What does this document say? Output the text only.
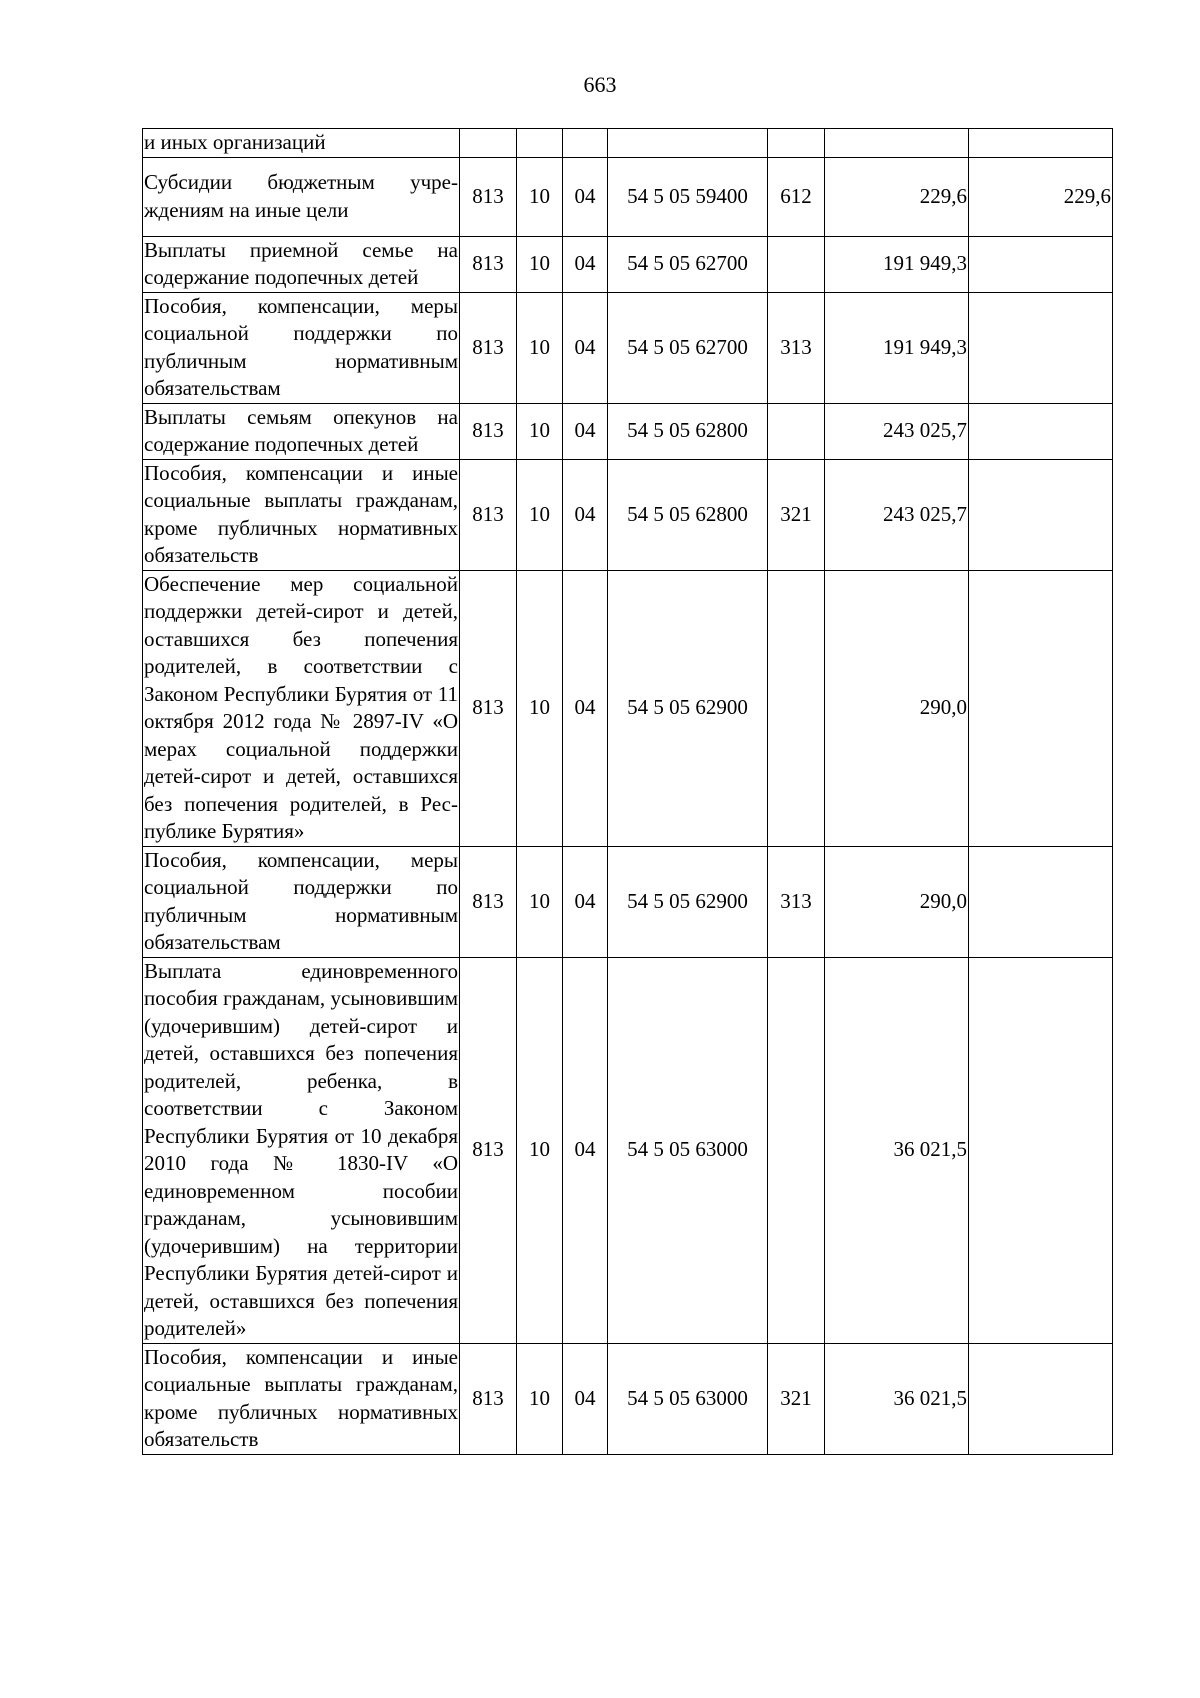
663
и иных организаций							
Субсидии бюджетным учреждениям на иные цели	813	10	04	54 5 05 59400	612	229,6	229,6
Выплаты приемной семье на содержание подопечных детей	813	10	04	54 5 05 62700		191 949,3	
Пособия, компенсации, меры социальной поддержки по публичным нормативным обязательствам	813	10	04	54 5 05 62700	313	191 949,3	
Выплаты семьям опекунов на содержание подопечных детей	813	10	04	54 5 05 62800		243 025,7	
Пособия, компенсации и иные социальные выплаты гражданам, кроме публичных нормативных обязательств	813	10	04	54 5 05 62800	321	243 025,7	
Обеспечение мер социальной поддержки детей-сирот и детей, оставшихся без попечения родителей, в соответствии с Законом Республики Бурятия от 11 октября 2012 года № 2897-IV «О мерах социальной поддержки детей-сирот и детей, оставшихся без попечения родителей, в Республике Бурятия»	813	10	04	54 5 05 62900		290,0	
Пособия, компенсации, меры социальной поддержки по публичным нормативным обязательствам	813	10	04	54 5 05 62900	313	290,0	
Выплата единовременного пособия гражданам, усыновившим (удочерившим) детей-сирот и детей, оставшихся без попечения родителей, ребенка, в соответствии с Законом Республики Бурятия от 10 декабря 2010 года № 1830-IV «О единовременном пособии гражданам, усыновившим (удочерившим) на территории Республики Бурятия детей-сирот и детей, оставшихся без попечения родителей»	813	10	04	54 5 05 63000		36 021,5	
Пособия, компенсации и иные социальные выплаты гражданам, кроме публичных нормативных обязательств	813	10	04	54 5 05 63000	321	36 021,5	
